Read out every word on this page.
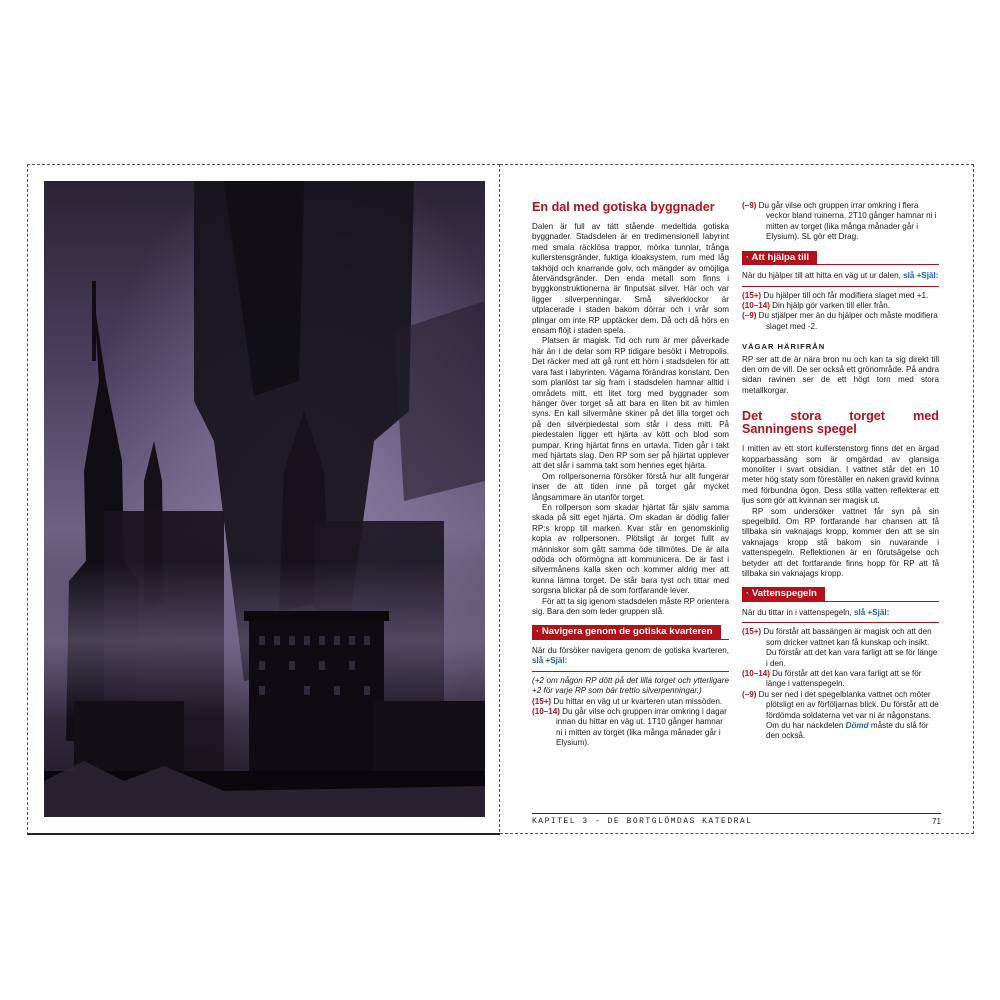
En dal med gotiska byggnader

Dalen är full av tätt stående medeltida gotiska byggnader. Stadsdelen är en tredimensionell labyrint med smala räcklösa trappor, mörka tunnlar, trånga kullerstensgränder, fuktiga kloaksystem, rum med låg takhöjd och knarrande golv, och mängder av omöjliga återvändsgränder. Den enda metall som finns i byggkonstruktionerna är finputsat silver. Här och var ligger silverpenningar. Små silverklockor är utplacerade i staden bakom dörrar och i vrår som plingar om inte RP upptäcker dem. Då och då hörs en ensam flöjt i staden spela.

Platsen är magisk. Tid och rum är mer påverkade här än i de delar som RP tidigare besökt i Metropolis. Det räcker med att gå runt ett hörn i stadsdelen för att vara fast i labyrinten. Vägarna förändras konstant. Den som planlöst tar sig fram i stadsdelen hamnar alltid i områdets mitt, ett litet torg med byggnader som hänger över torget så att bara en liten bit av himlen syns. En kall silvermåne skiner på det lilla torget och på den silverpiedestal som står i dess mitt. På piedestalen ligger ett hjärta av kött och blod som pumpar. Kring hjärtat finns en urtavla. Tiden går i takt med hjärtats slag. Den RP som ser på hjärtat upplever att det slår i samma takt som hennes eget hjärta.

Om rollpersonerna försöker förstå hur allt fungerar inser de att tiden inne på torget går mycket långsammare än utanför torget.

En rollperson som skadar hjärtat får själv samma skada på sitt eget hjärta. Om skadan är dödlig faller RP:s kropp till marken. Kvar står en genomskinlig kopia av rollpersonen. Plötsligt är torget fullt av människor som gått samma öde tillmötes. De är alla odöda och oförmögna att kommunicera. De är fast i silvermånens kalla sken och kommer aldrig mer att kunna lämna torget. De står bara tyst och tittar med sorgsna blickar på de som fortfarande lever.

För att ta sig igenom stadsdelen måste RP orientera sig. Bara den som leder gruppen slå.

· Navigera genom de gotiska kvarteren

När du försöker navigera genom de gotiska kvarteren, slå +Själ:

(+2 om någon RP dött på det lilla torget och ytterligare +2 för varje RP som bär trettio silverpenningar.)

(15+) Du hittar en väg ut ur kvarteren utan missöden.

(10–14) Du går vilse och gruppen irrar omkring i dagar innan du hittar en väg ut. 1T10 gånger hamnar ni i mitten av torget (lika många månader går i Elysium).

(–9) Du går vilse och gruppen irrar omkring i flera veckor bland ruinerna. 2T10 gånger hamnar ni i mitten av torget (lika många månader går i Elysium). SL gör ett Drag.

· Att hjälpa till

När du hjälper till att hitta en väg ut ur dalen, slå +Själ:

(15+) Du hjälper till och får modifiera slaget med +1.

(10–14) Din hjälp gör varken till eller från.

(–9) Du stjälper mer än du hjälper och måste modifiera slaget med -2.

VÄGAR HÄRIFRÅN

RP ser att de är nära bron nu och kan ta sig direkt till den om de vill. De ser också ett grönområde. På andra sidan ravinen ser de ett högt torn med stora metallkorgar.

Det stora torget med Sanningens spegel

I mitten av ett stort kullerstenstorg finns det en ärgad kopparbassäng som är omgärdad av glansiga monoliter i svart obsidian. I vattnet står det en 10 meter hög staty som föreställer en naken gravid kvinna med förbundna ögon. Dess stilla vatten reflekterar ett ljus som gör att kvinnan ser magisk ut.

RP som undersöker vattnet får syn på sin spegelbild. Om RP fortfarande har chansen att få tillbaka sin vaknajags kropp, kommer den att se sin vaknajags kropp stå bakom sin nuvarande i vattenspegeln. Reflektionen är en förutsägelse och betyder att det fortfarande finns hopp för RP att få tillbaka sin vaknajags kropp.

· Vattenspegeln

När du tittar in i vattenspegeln, slå +Själ:

(15+) Du förstår att bassängen är magisk och att den som dricker vattnet kan få kunskap och insikt. Du förstår att det kan vara farligt att se för länge i den.

(10–14) Du förstår att det kan vara farligt att se för länge i vattenspegeln.

(–9) Du ser ned i det spegelblanka vattnet och möter plötsligt en av förföljarnas blick. Du förstår att de fördömda soldaterna vet var ni är någonstans. Om du har nackdelen Dömd måste du slå för den också.

KAPITEL 3 - DE BORTGLÖMDAS KATEDRAL	71
